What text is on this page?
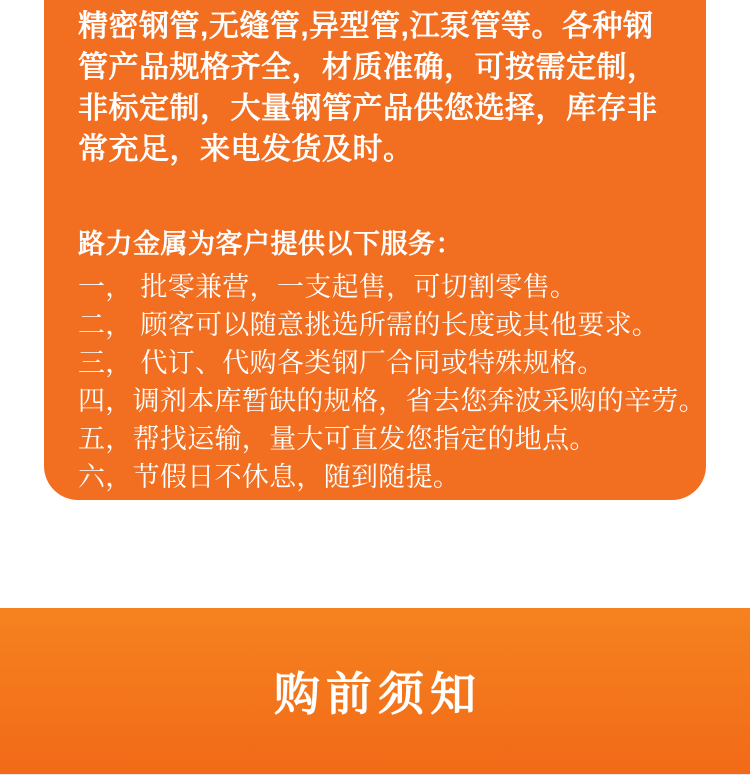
精密钢管,无缝管,异型管,江泵管等。各种钢管产品规格齐全，材质准确，可按需定制，非标定制，大量钢管产品供您选择，库存非常充足，来电发货及时。

路力金属为客户提供以下服务：
一， 批零兼营，一支起售，可切割零售。
二， 顾客可以随意挑选所需的长度或其他要求。
三， 代订、代购各类钢厂合同或特殊规格。
四，调剂本库暂缺的规格，省去您奔波采购的辛劳。
五，帮找运输，量大可直发您指定的地点。
六，节假日不休息，随到随提。
七， 本公司所供管材均附钢厂原始材质书。
购前须知
